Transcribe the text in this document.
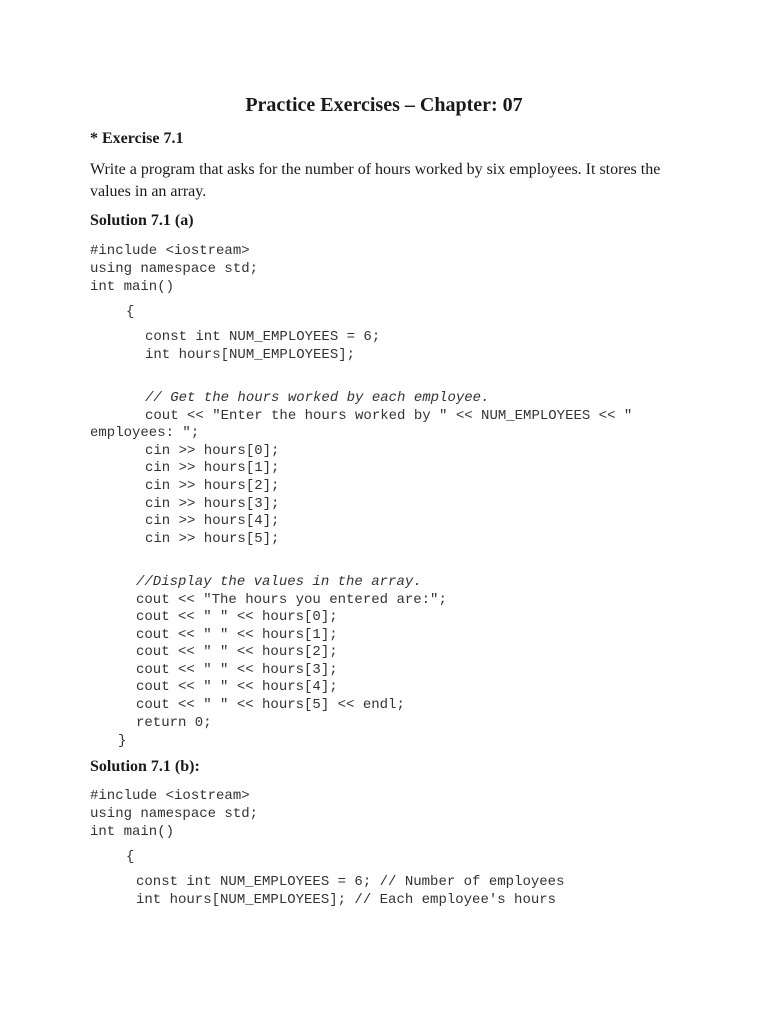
Practice Exercises – Chapter: 07
* Exercise 7.1

Write a program that asks for the number of hours worked by six employees. It stores the values in an array.

Solution 7.1 (a)
#include <iostream>
using namespace std;
int main()
{
const int NUM_EMPLOYEES = 6;
int hours[NUM_EMPLOYEES];
// Get the hours worked by each employee.
cout << "Enter the hours worked by " << NUM_EMPLOYEES << "
employees: ";
cin >> hours[0];
cin >> hours[1];
cin >> hours[2];
cin >> hours[3];
cin >> hours[4];
cin >> hours[5];
//Display the values in the array.
cout << "The hours you entered are:";
cout << " " << hours[0];
cout << " " << hours[1];
cout << " " << hours[2];
cout << " " << hours[3];
cout << " " << hours[4];
cout << " " << hours[5] << endl;
return 0;
}
Solution 7.1 (b):
#include <iostream>
using namespace std;
int main()
{
const int NUM_EMPLOYEES = 6; // Number of employees
int hours[NUM_EMPLOYEES]; // Each employee's hours
